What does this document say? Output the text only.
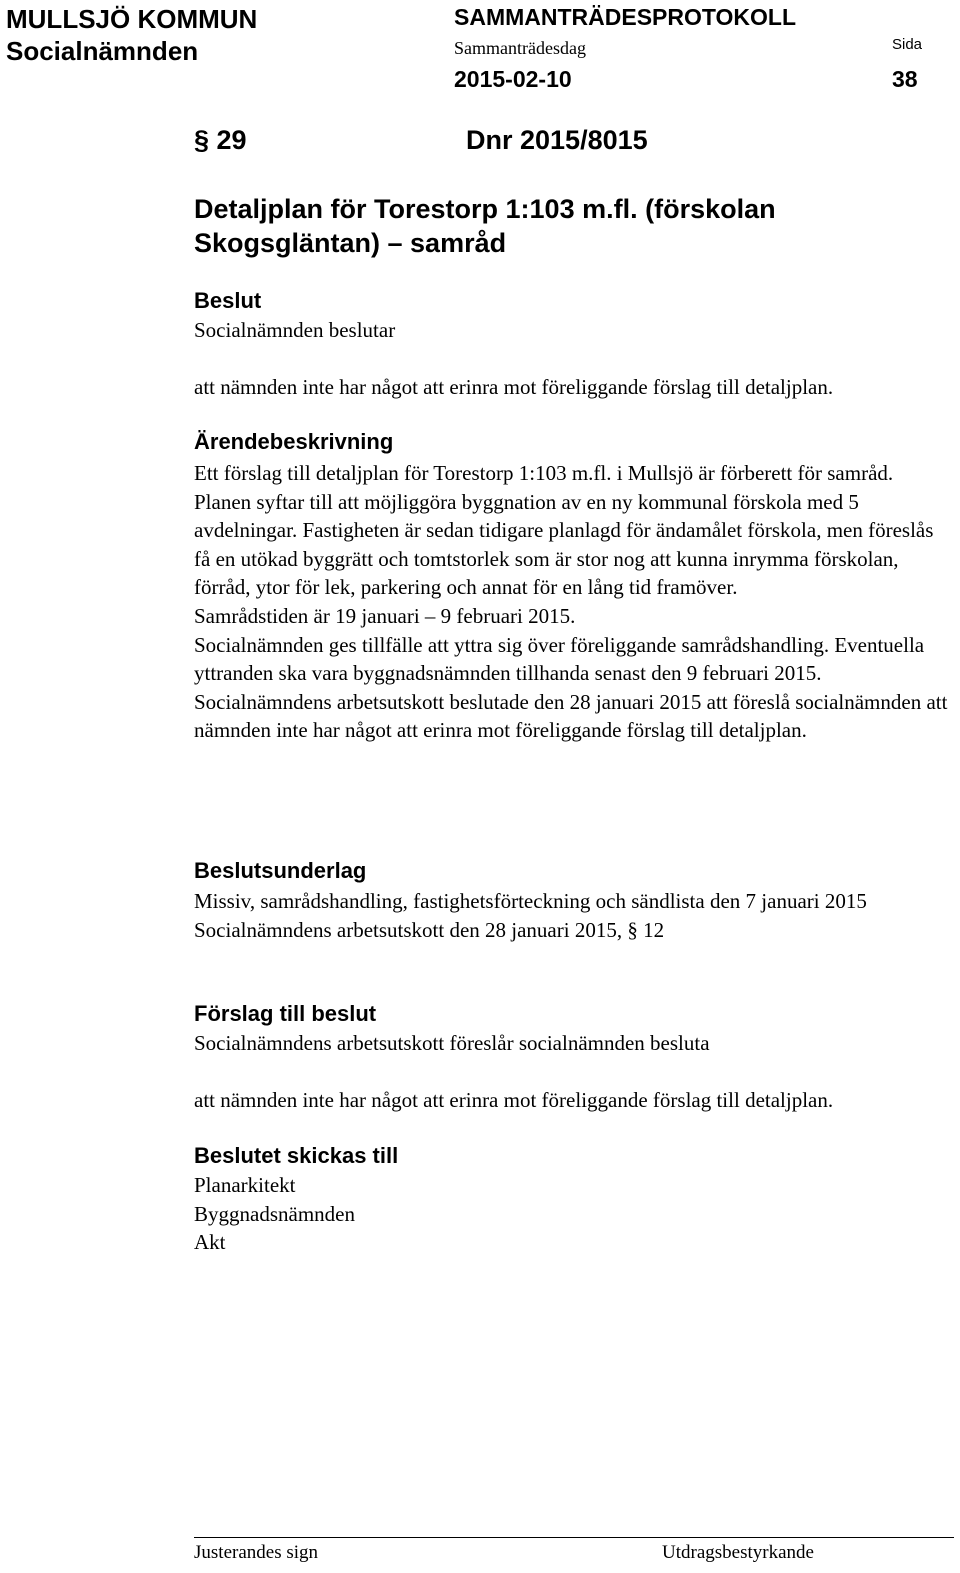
MULLSJÖ KOMMUN
Socialnämnden
SAMMANTRÄDESPROTOKOLL
Sammanträdesdag
2015-02-10
Sida
38
§ 29	Dnr 2015/8015
Detaljplan för Torestorp 1:103 m.fl. (förskolan Skogsgläntan) – samråd
Beslut
Socialnämnden beslutar
att nämnden inte har något att erinra mot föreliggande förslag till detaljplan.
Ärendebeskrivning

Ett förslag till detaljplan för Torestorp 1:103 m.fl. i Mullsjö är förberett för samråd. Planen syftar till att möjliggöra byggnation av en ny kommunal förskola med 5 avdelningar. Fastigheten är sedan tidigare planlagd för ändamålet förskola, men föreslås få en utökad byggrätt och tomtstorlek som är stor nog att kunna inrymma förskolan, förråd, ytor för lek, parkering och annat för en lång tid framöver.

Samrådstiden är 19 januari – 9 februari 2015.

Socialnämnden ges tillfälle att yttra sig över föreliggande samrådshandling. Eventuella yttranden ska vara byggnadsnämnden tillhanda senast den 9 februari 2015.

Socialnämndens arbetsutskott beslutade den 28 januari 2015 att föreslå socialnämnden att nämnden inte har något att erinra mot föreliggande förslag till detaljplan.

Beslutsunderlag

Missiv, samrådshandling, fastighetsförteckning och sändlista den 7 januari 2015

Socialnämndens arbetsutskott den 28 januari 2015, § 12

Förslag till beslut
Socialnämndens arbetsutskott föreslår socialnämnden besluta
att nämnden inte har något att erinra mot föreliggande förslag till detaljplan.
Beslutet skickas till
Planarkitekt
Byggnadsnämnden
Akt
Justerandes sign	Utdragsbestyrkande
